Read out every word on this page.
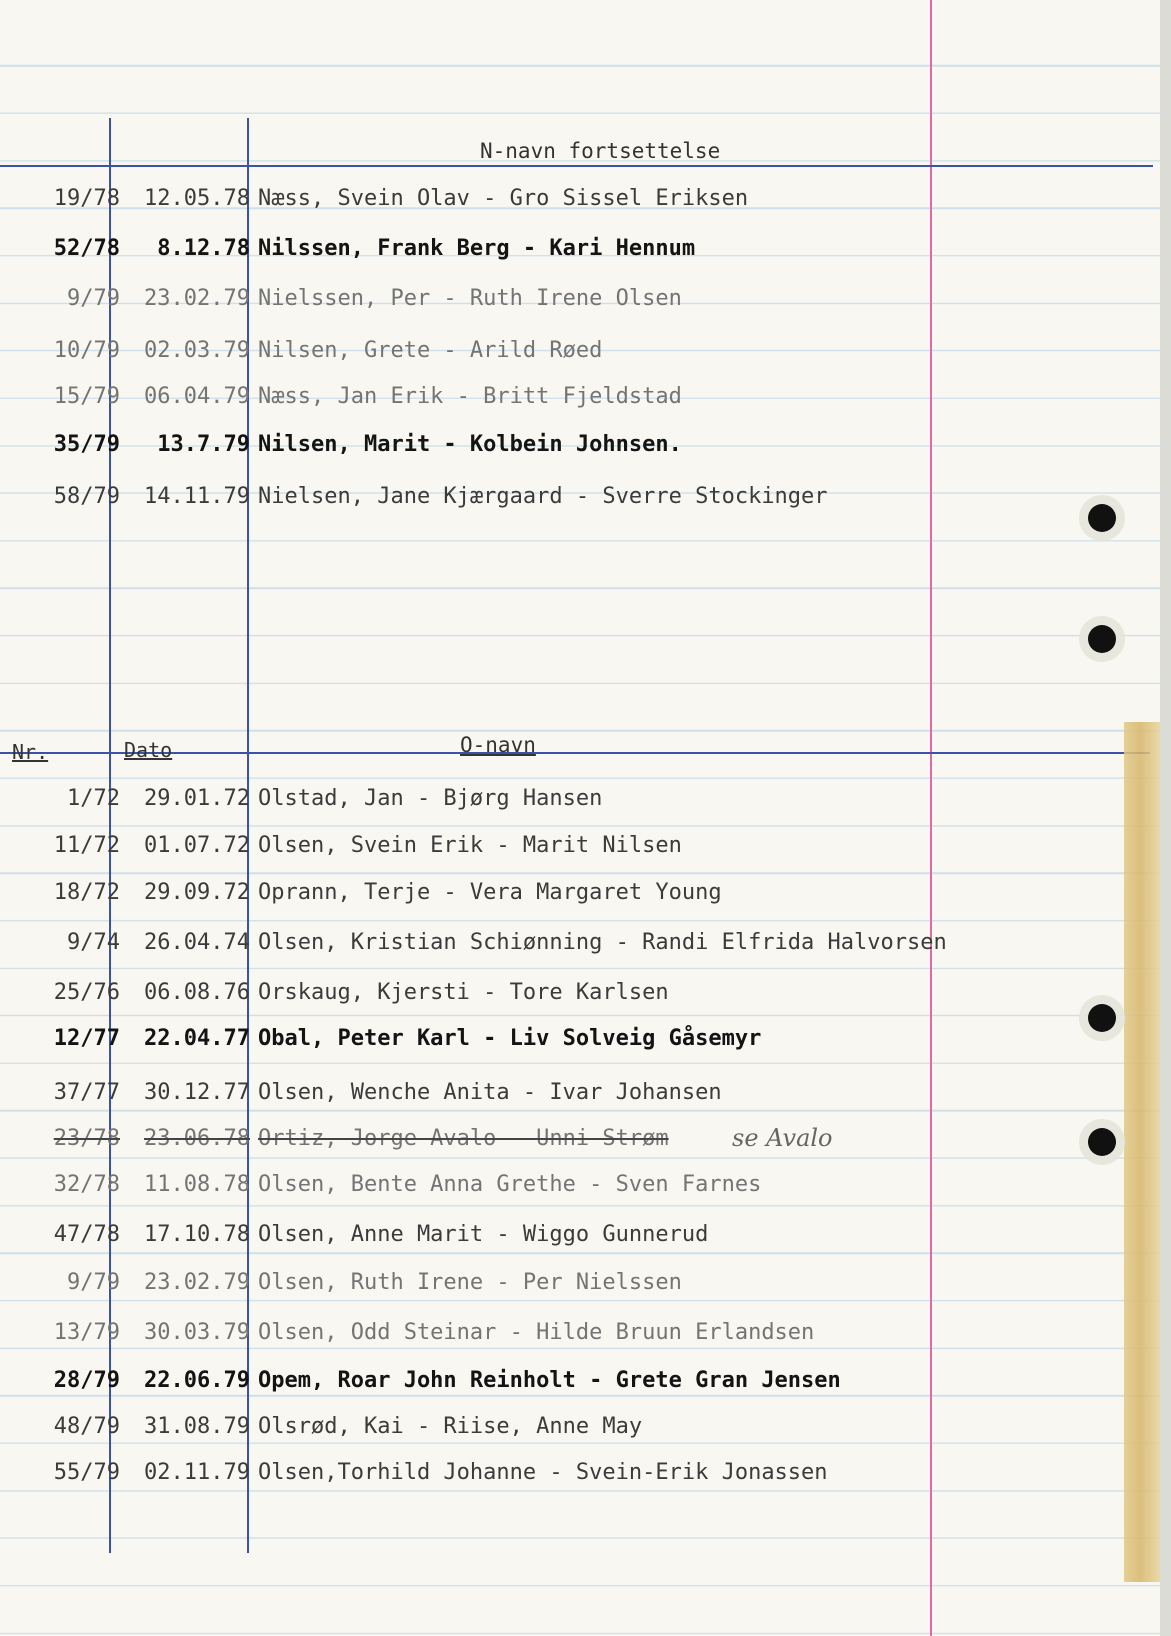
N-navn fortsettelse
19/78	12.05.78 Næss, Svein Olav - Gro Sissel Eriksen
52/78	8.12.78 Nilssen, Frank Berg - Kari Hennum
9/79	23.02.79 Nielssen, Per - Ruth Irene Olsen
10/79	02.03.79 Nilsen, Grete - Arild Røed
15/79	06.04.79 Næss, Jan Erik - Britt Fjeldstad
35/79	13.7.79 Nilsen, Marit - Kolbein Johnsen.
58/79	14.11.79 Nielsen, Jane Kjærgaard - Sverre Stockinger
Nr.	Dato	O-navn
1/72	29.01.72 Olstad, Jan - Bjørg Hansen
11/72	01.07.72 Olsen, Svein Erik - Marit Nilsen
18/72	29.09.72 Oprann, Terje - Vera Margaret Young
9/74	26.04.74 Olsen, Kristian Schiønning - Randi Elfrida Halvorsen
25/76	06.08.76 Orskaug, Kjersti - Tore Karlsen
12/77	22.04.77 Obal, Peter Karl - Liv Solveig Gåsemyr
37/77	30.12.77 Olsen, Wenche Anita - Ivar Johansen
23/78	23.06.78 Ortiz, Jorge Avalo - Unni Strøm
32/78	11.08.78 Olsen, Bente Anna Grethe - Sven Farnes
47/78	17.10.78 Olsen, Anne Marit - Wiggo Gunnerud
9/79	23.02.79 Olsen, Ruth Irene - Per Nielssen
13/79	30.03.79 Olsen, Odd Steinar - Hilde Bruun Erlandsen
28/79	22.06.79 Opem, Roar John Reinholt - Grete Gran Jensen
48/79	31.08.79 Olsrød, Kai - Riise, Anne May
55/79	02.11.79 Olsen,Torhild Johanne - Svein-Erik Jonassen
se Avalo
